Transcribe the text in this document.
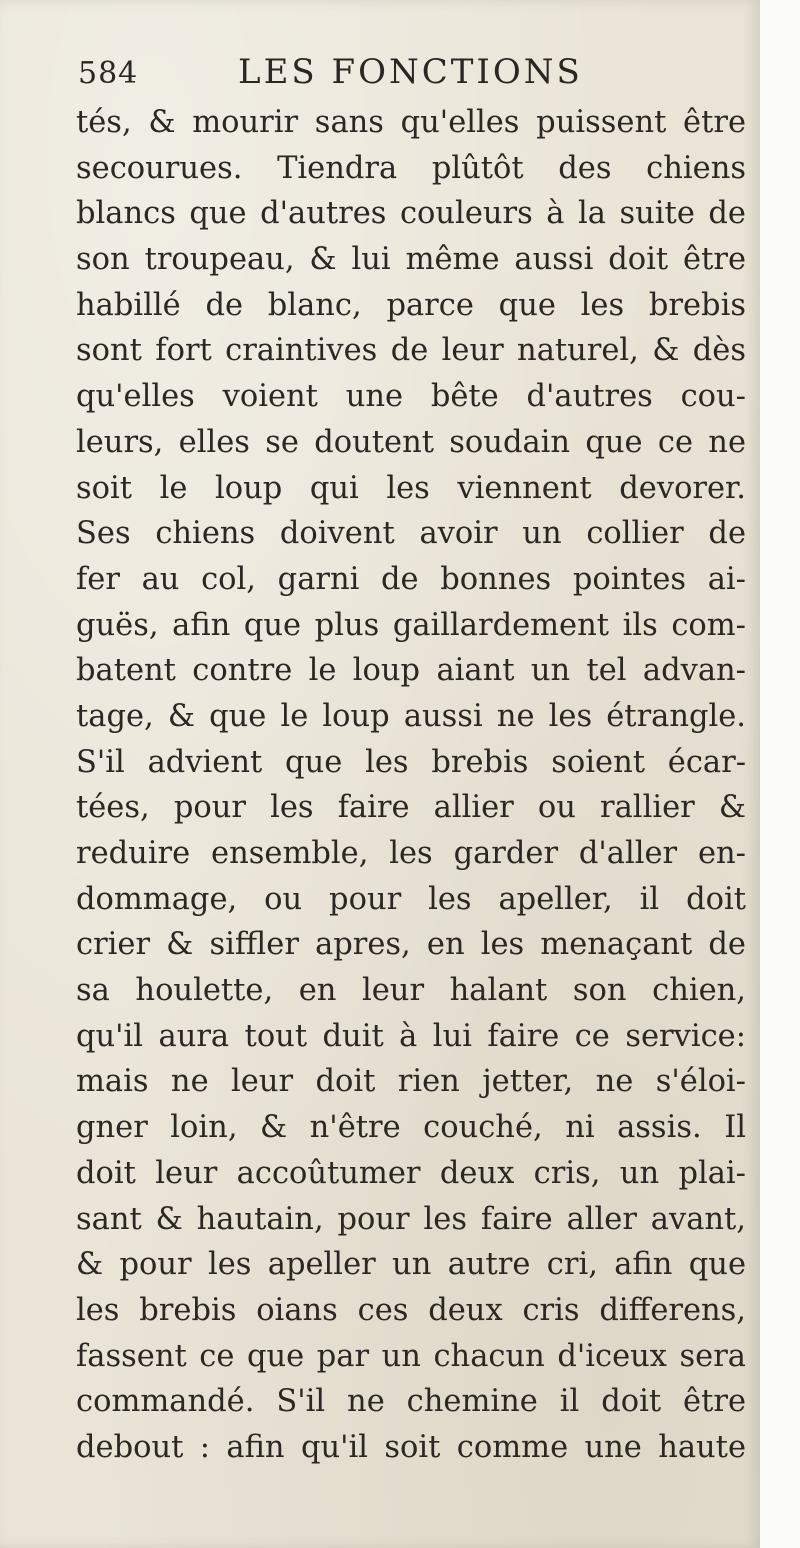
584	LES FONCTIONS
tés, & mourir sans qu'elles puissent être
secourues. Tiendra plûtôt des chiens
blancs que d'autres couleurs à la suite de
son troupeau, & lui même aussi doit être
habillé de blanc, parce que les brebis
sont fort craintives de leur naturel, & dès
qu'elles voient une bête d'autres cou-
leurs, elles se doutent soudain que ce ne
soit le loup qui les viennent devorer.
Ses chiens doivent avoir un collier de
fer au col, garni de bonnes pointes ai-
guës, afin que plus gaillardement ils com-
batent contre le loup aiant un tel advan-
tage, & que le loup aussi ne les étrangle.
S'il advient que les brebis soient écar-
tées, pour les faire allier ou rallier &
reduire ensemble, les garder d'aller en-
dommage, ou pour les apeller, il doit
crier & siffler apres, en les menaçant de
sa houlette, en leur halant son chien,
qu'il aura tout duit à lui faire ce service:
mais ne leur doit rien jetter, ne s'éloi-
gner loin, & n'être couché, ni assis. Il
doit leur accoûtumer deux cris, un plai-
sant & hautain, pour les faire aller avant,
& pour les apeller un autre cri, afin que
les brebis oians ces deux cris differens,
fassent ce que par un chacun d'iceux sera
commandé. S'il ne chemine il doit être
debout : afin qu'il soit comme une haute
